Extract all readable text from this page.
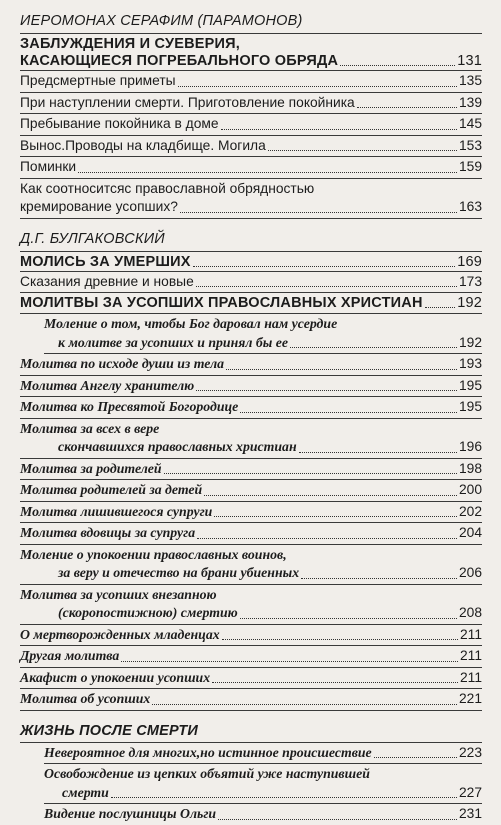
ИЕРОМОНАХ СЕРАФИМ (ПАРАМОНОВ)
ЗАБЛУЖДЕНИЯ И СУЕВЕРИЯ,
КАСАЮЩИЕСЯ ПОГРЕБАЛЬНОГО ОБРЯДА	131
Предсмертные приметы	135
При наступлении смерти. Приготовление покойника	139
Пребывание покойника в доме	145
Вынос.Проводы на кладбище. Могила	153
Поминки	159
Как соотноситсяс православной обрядностью
кремирование усопших?	163
Д.Г. БУЛГАКОВСКИЙ
МОЛИСЬ ЗА УМЕРШИХ	169
Сказания древние и новые	173
МОЛИТВЫ ЗА УСОПШИХ ПРАВОСЛАВНЫХ ХРИСТИАН 192
Моление о том, чтобы Бог даровал нам усердие
к молитве за усопших и принял бы ее	192
Молитва по исходе души из тела	193
Молитва Ангелу хранителю	195
Молитва ко Пресвятой Богородице	195
Молитва за всех в вере
скончавшихся православных христиан	196
Молитва за родителей	198
Молитва родителей за детей	200
Молитва лишившегося супруги	202
Молитва вдовицы за супруга	204
Моление о упокоении православных воинов,
за веру и отечество на брани убиенных	206
Молитва за усопших внезапною
(скоропостижною) смертию	208
О мертворожденных младенцах	211
Другая молитва	211
Акафист о упокоении усопших	211
Молитва об усопших	221
ЖИЗНЬ ПОСЛЕ СМЕРТИ
Невероятное для многих,но истинное происшествие	223
Освобождение из цепких объятий уже наступившей
смерти	227
Видение послушницы Ольги	231
